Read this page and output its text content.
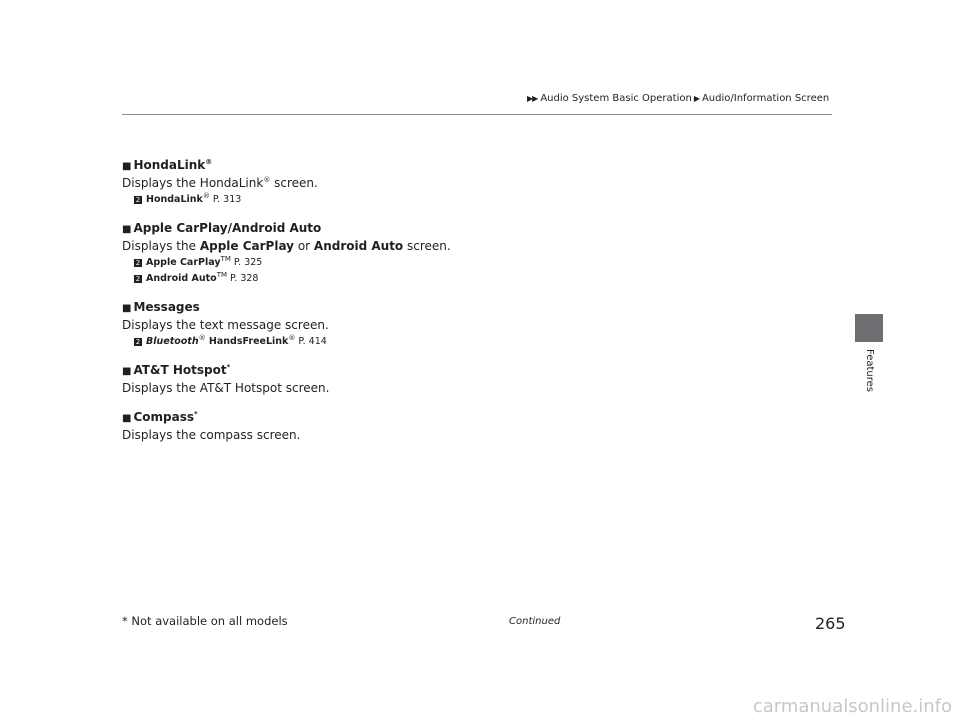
▶▶ Audio System Basic Operation ▶ Audio/Information Screen
Features
■ HondaLink®
Displays the HondaLink® screen.
2 HondaLink® P. 313
■ Apple CarPlay/Android Auto
Displays the Apple CarPlay or Android Auto screen.
2 Apple CarPlay™ P. 325
2 Android Auto™ P. 328
■ Messages
Displays the text message screen.
2 Bluetooth® HandsFreeLink® P. 414
■ AT&T Hotspot*
Displays the AT&T Hotspot screen.
■ Compass*
Displays the compass screen.
* Not available on all models	Continued	265
carmanualsonline.info
